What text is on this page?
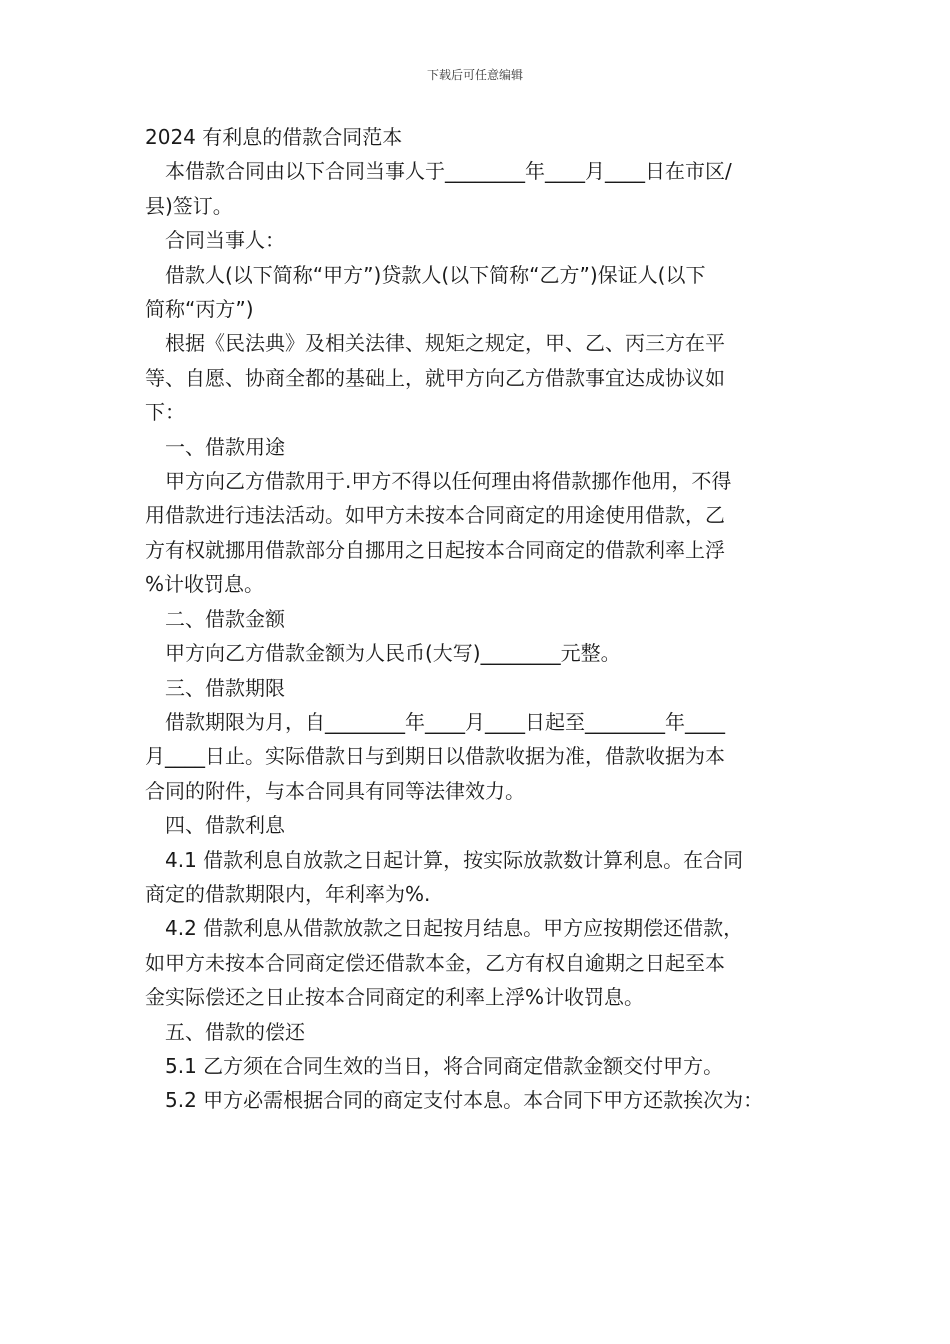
下载后可任意编辑

2024 有利息的借款合同范本

　本借款合同由以下合同当事人于________年____月____日在市区/

县)签订。

　合同当事人：

　借款人(以下简称“甲方”)贷款人(以下简称“乙方”)保证人(以下

简称“丙方”)

　根据《民法典》及相关法律、规矩之规定，甲、乙、丙三方在平

等、自愿、协商全都的基础上，就甲方向乙方借款事宜达成协议如

下：

　一、借款用途

　甲方向乙方借款用于.甲方不得以任何理由将借款挪作他用，不得

用借款进行违法活动。如甲方未按本合同商定的用途使用借款，乙

方有权就挪用借款部分自挪用之日起按本合同商定的借款利率上浮

%计收罚息。

　二、借款金额

　甲方向乙方借款金额为人民币(大写)________元整。

　三、借款期限

　借款期限为月，自________年____月____日起至________年____

月____日止。实际借款日与到期日以借款收据为准，借款收据为本

合同的附件，与本合同具有同等法律效力。

　四、借款利息

　4.1 借款利息自放款之日起计算，按实际放款数计算利息。在合同

商定的借款期限内，年利率为%.

　4.2 借款利息从借款放款之日起按月结息。甲方应按期偿还借款，

如甲方未按本合同商定偿还借款本金，乙方有权自逾期之日起至本

金实际偿还之日止按本合同商定的利率上浮%计收罚息。

　五、借款的偿还

　5.1 乙方须在合同生效的当日，将合同商定借款金额交付甲方。

　5.2 甲方必需根据合同的商定支付本息。本合同下甲方还款挨次为：
